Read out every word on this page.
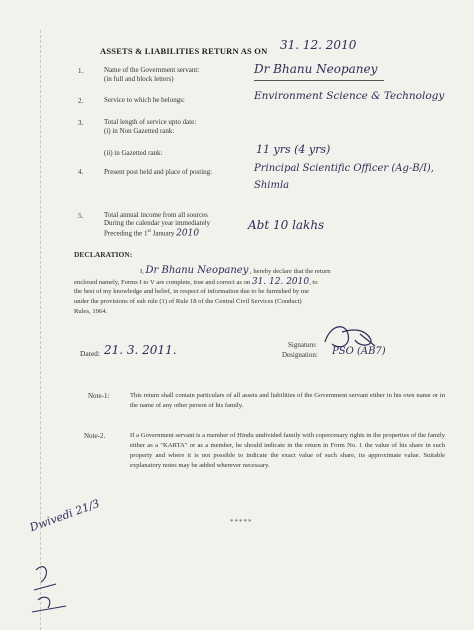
ASSETS & LIABILITIES RETURN AS ON 31. 12. 2010
1.	Name of the Government servant:
(in full and block letters)
Dr Bhanu Neopaney
2.	Service to which he belongs:	Environment Science & Technology
3.	Total length of service upto date:
(i) in Non Gazetted rank:
(ii) in Gazetted rank:	11 yrs (4 yrs)
4.	Present post held and place of posting:	Principal Scientific Officer (Ag-B/I), Shimla
5.	Total annual income from all sources
During the calendar year immediately
Preceding the 1st January 2010
Abt 10 lakhs
DECLARATION:
I, Dr Bhanu Neopaney , hereby declare that the return
enclosed namely, Forms I to V are complete, true and correct as on 31. 12. 2010, to
the best of my knowledge and belief, in respect of information due to be furnished by me
under the provisions of sub rule (1) of Rule 18 of the Central Civil Services (Conduct)
Rules, 1964.
Signature:
Designation: PSO (AB7)
Dated: 21. 3. 2011.
Note-1:	This return shall contain particulars of all assets and liabilities of the Government servant either in his own name or in the name of any other person of his family.
Note-2.	If a Government servant is a member of Hindu undivided family with copercenary rights in the properties of the family either as a "KARTA" or as a member, he should indicate in the return in Form No. 1 the value of his share in such property and where it is not possible to indicate the exact value of such share, its approximate value. Suitable explanatory notes may be added wherever necessary.
*****
Dwivedi 21/3
